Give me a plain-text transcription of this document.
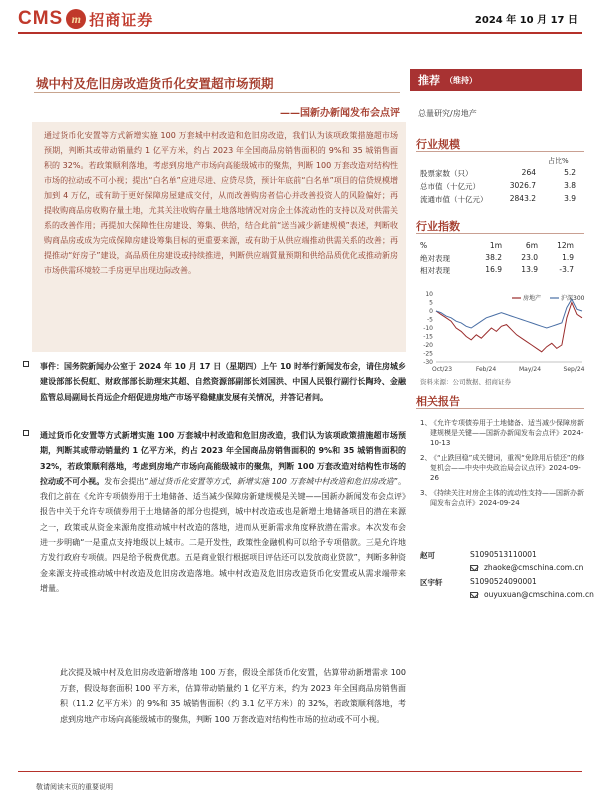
CMS m 招商证券	2024 年 10 月 17 日
城中村及危旧房改造货币化安置超市场预期
——国新办新闻发布会点评

通过货币化安置等方式新增实施 100 万套城中村改造和危旧房改造，我们认为该项政策措施超市场预期，判断其或带动销量约 1 亿平方米，约占 2023 年全国商品房销售面积的 9%和 35 城销售面积的 32%。若政策顺利落地，考虑到房地产市场向高能级城市的聚焦，判断 100 万套改造对结构性市场的拉动或不可小视；提出“白名单”应进尽进、应贷尽贷，预计年底前“白名单”项目的信贷规模增加到 4 万亿，或有助于更好保障房屋建成交付，从而改善购房者信心并改善投资人的风险偏好；再提收购商品房收购存量土地，尤其关注收购存量土地落地情况对房企土体流动性的支持以及对供需关系的改善作用；再提加大保障性住房建设、筹集、供给，结合此前“送当减少新建规模”表述，判断收购商品房或成为完成保障房建设筹集目标的更重要来源，或有助于从供应端推动供需关系的改善；再提推动“好房子”建设，高品质住房建设或持续推进，判断供应端質量预期和供给品质优化或推动新房市场供需环境较二手房更早出现边际改善。

事件：国务院新闻办公室于 2024 年 10 月 17 日（星期四）上午 10 时举行新闻发布会，请住房城乡建设部部长倪虹、财政部部长助理宋其超、自然资源部副部长刘国洪、中国人民银行副行长陶玲、金融监管总局副局长肖远企介绍促进房地产市场平稳健康发展有关情况，并答记者问。

通过货币化安置等方式新增实施 100 万套城中村改造和危旧房改造，我们认为该项政策措施超市场预期，判断其或带动销量约 1 亿平方米，约占 2023 年全国商品房销售面积的 9%和 35 城销售面积的 32%，若政策顺利落地，考虑到房地产市场向高能级城市的聚焦，判断 100 万套改造对结构性市场的拉动或不可小视。发布会提出“通过货币化安置等方式，新增实施 100 万套城中村改造和危旧房改造”。我们之前在《允许专项债券用于土地储备、适当减少保障房新建规模是关键——国新办新闻发布会点评》报告中关于允许专项债券用于土地储备的部分也提到，城中村改造或也是新增土地储备项目的潜在来源之一，政策或从资金来源角度推动城中村改造的落地，进而从更新需求角度释放潜在需求。本次发布会进一步明确“一是重点支持地级以上城市。二是开发性，政策性金融机构可以给予专项借款。三是允许地方发行政府专项债。四是给予税费优惠。五是商业银行根据项目评估还可以发放商业贷款”，判断多种资金来源支持或推动城中村改造及危旧房改造落地。城中村改造及危旧房改造货币化安置或从需求端带来增量。

此次提及城中村及危旧房改造新增落地 100 万套，假设全部货币化安置，估算带动新增需求 100 万套，假设每套面积 100 平方米，估算带动销量约 1 亿平方米，约为 2023 年全国商品房销售面积（11.2 亿平方米）的 9%和 35 城销售面积（约 3.1 亿平方米）的 32%，若政策顺利落地，考虑到房地产市场向高能级城市的聚焦，判断 100 万套改造对结构性市场的拉动或不可小视。

推荐 （维持）
总量研究/房地产
行业规模
占比%
股票家数（只）	264	5.2
总市值（十亿元）	3026.7	3.8
流通市值（十亿元）	2843.2	3.9
行业指数
%	1m	6m	12m
绝对表现	38.2	23.0	1.9
相对表现	16.9	13.9	-3.7
10
5
0
-5
-10
-15
-20
-25
-30
Oct/23	Feb/24	May/24	Sep/24
房地产	沪深300
资料来源：公司数据、招商证券
相关报告
1、
《允许专项债券用于土地储备、适当减少保障房新建规模是关键——国新办新闻发布会点评》2024-10-13
2、
《“止跌回稳”成关键词，重视“免除用后偿还”的修复机会——中央中央政治局会议点评》2024-09-26
3、
《持续关注对房企主体的流动性支持——国新办新闻发布会点评》2024-09-24
赵可	S1090513110001
zhaoke@cmschina.com.cn
区宇轩	S1090524090001
ouyuxuan@cmschina.com.cn
敬请阅读末页的重要说明
